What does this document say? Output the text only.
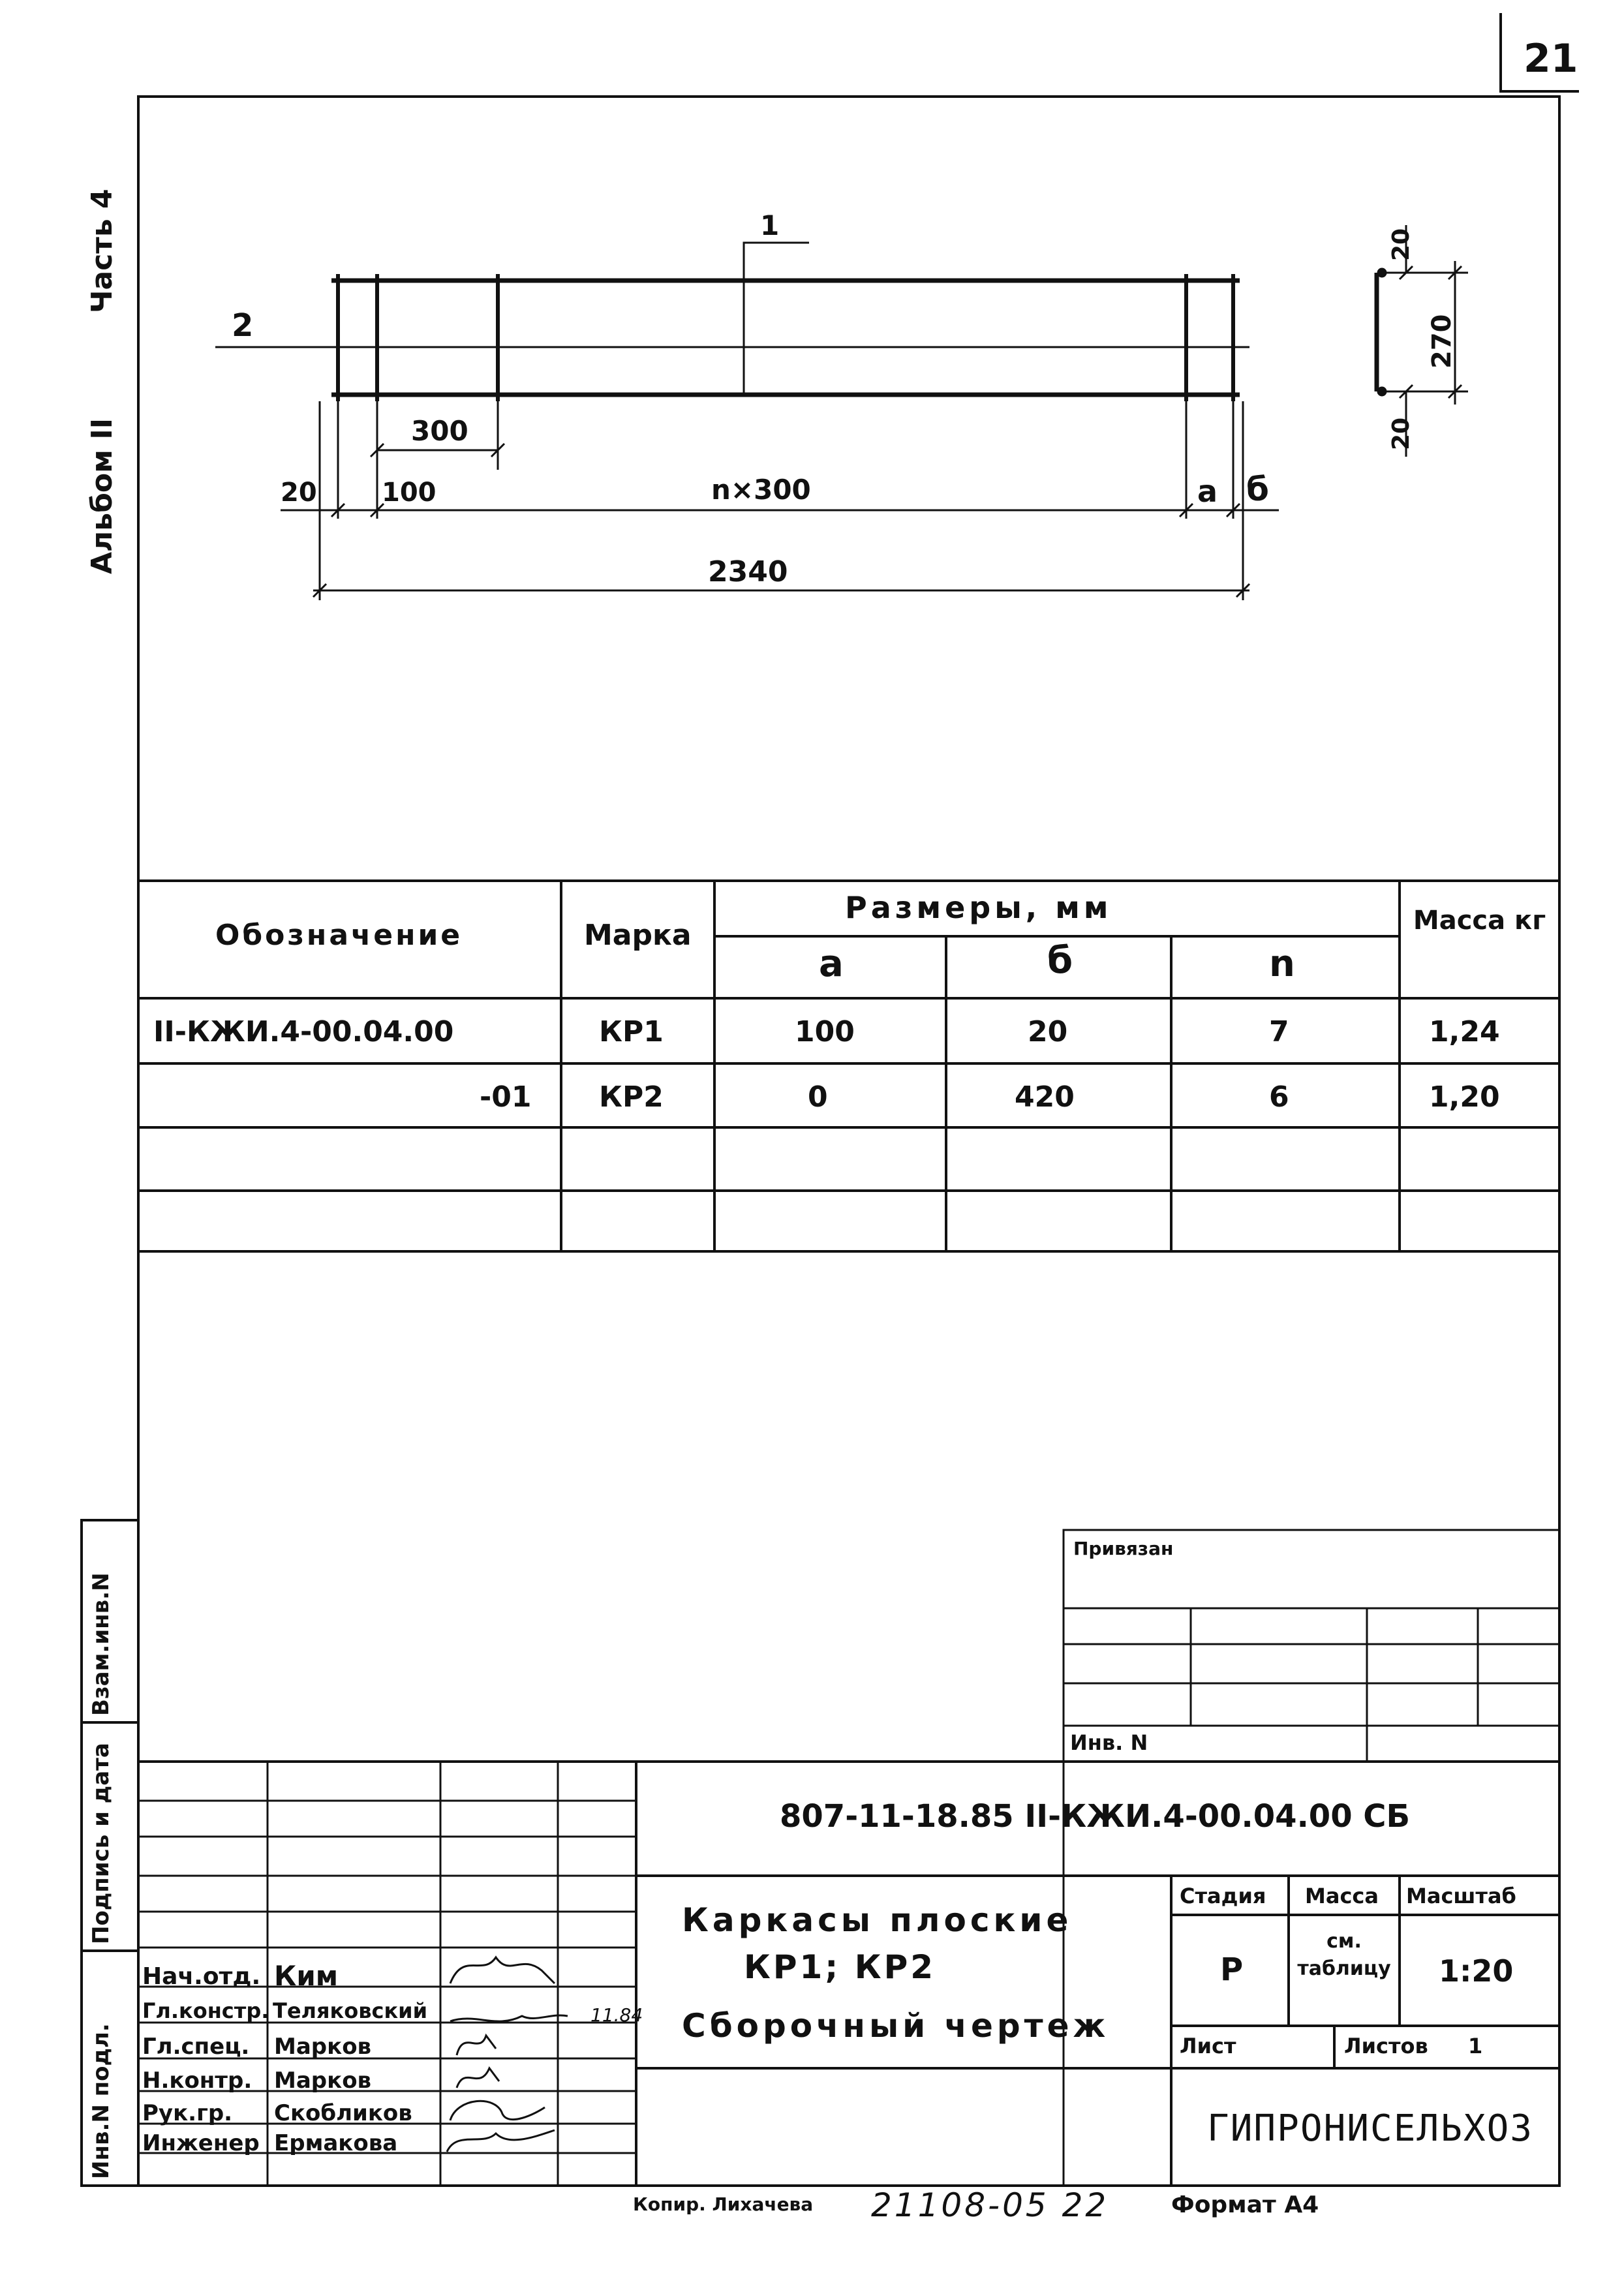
21
Альбом II
Часть 4
Взам.инв.N
Подпись и дата
Инв.N подл.
1
2
300
20 100	n×300	a б
2340
20
270
20
Обозначение	Марка
Размеры, мм
a	б	n
Масса кг
II-КЖИ.4-00.04.00	КР1	100	20	7	1,24
-01 КР2	0	420	6	1,20
Привязан
Инв. N
807-11-18.85 II-КЖИ.4-00.04.00 СБ
Каркасы плоские
КР1; КР2
Сборочный чертеж
Стадия Масса Масштаб
Р
см. таблицу 1:20
Лист	Листов 1
ГИПРОНИСЕЛЬХОЗ
11.84
Нач.отд. Ким
Гл.констр. Теляковский
Гл.спец. Марков
Н.контр. Марков
Рук.гр. Скобликов
Инженер Ермакова
Копир. Лихачева 21108-05 22	Формат А4
